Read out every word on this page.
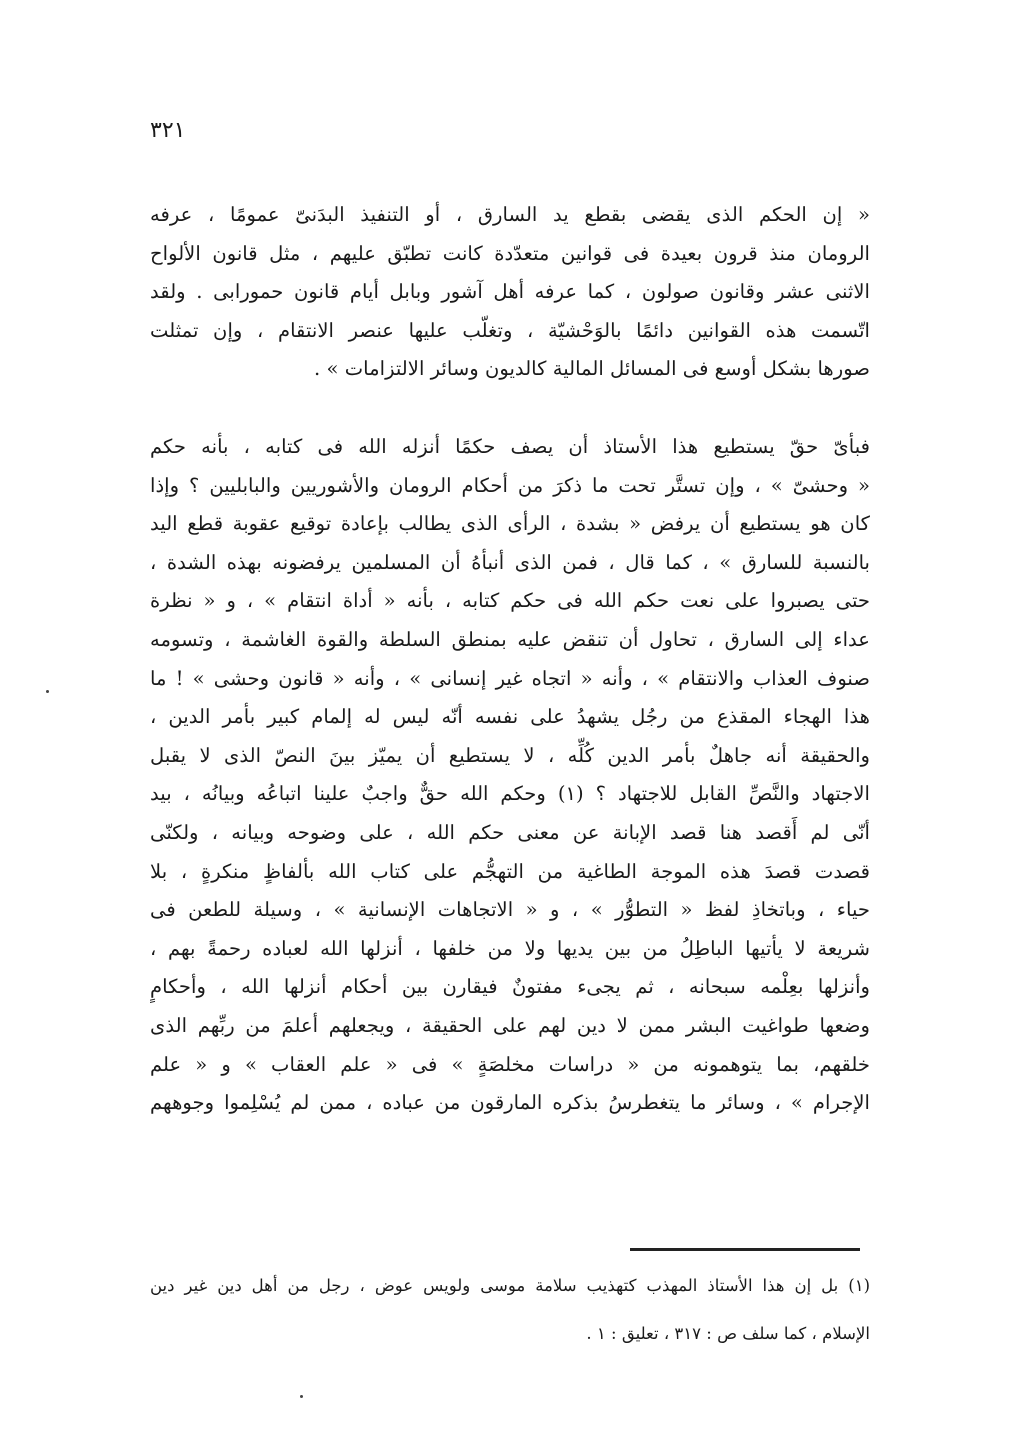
٣٢١
« إن الحكم الذى يقضى بقطع يد السارق ، أو التنفيذ البدَنىّ عمومًا ، عرفه
الرومان منذ قرون بعيدة فى قوانين متعدّدة كانت تطبّق عليهم ، مثل قانون الألواح
الاثنى عشر وقانون صولون ، كما عرفه أهل آشور وبابل أيام قانون حمورابى . ولقد
اتّسمت هذه القوانين دائمًا بالوَحْشيّة ، وتغلّب عليها عنصر الانتقام ، وإن تمثلت
صورها بشكل أوسع فى المسائل المالية كالديون وسائر الالتزامات » .
فبأىّ حقّ يستطيع هذا الأستاذ أن يصف حكمًا أنزله الله فى كتابه ، بأنه حكم
« وحشىّ » ، وإن تستَّر تحت ما ذكرَ من أحكام الرومان والأشوريين والبابليين ؟ وإذا
كان هو يستطيع أن يرفض « بشدة ، الرأى الذى يطالب بإعادة توقيع عقوبة قطع اليد
بالنسبة للسارق » ، كما قال ، فمن الذى أنبأهُ أن المسلمين يرفضونه بهذه الشدة ،
حتى يصبروا على نعت حكم الله فى حكم كتابه ، بأنه « أداة انتقام » ، و « نظرة
عداء إلى السارق ، تحاول أن تنقض عليه بمنطق السلطة والقوة الغاشمة ، وتسومه
صنوف العذاب والانتقام » ، وأنه « اتجاه غير إنسانى » ، وأنه « قانون وحشى » ! ما
هذا الهجاء المقذع من رجُل يشهدُ على نفسه أنّه ليس له إلمام كبير بأمر الدين ،
والحقيقة أنه جاهلٌ بأمر الدين كُلِّه ، لا يستطيع أن يميّز بينَ النصّ الذى لا يقبل
الاجتهاد والنَّصِّ القابل للاجتهاد ؟ (١) وحكم الله حقٌّ واجبٌ علينا اتباعُه وبيانُه ، بيد
أنّى لم أَقصد هنا قصد الإبانة عن معنى حكم الله ، على وضوحه وبيانه ، ولكنّى
قصدت قصدَ هذه الموجة الطاغية من التهجُّم على كتاب الله بألفاظٍ منكرةٍ ، بلا
حياء ، وباتخاذِ لفظ « التطوُّر » ، و « الاتجاهات الإنسانية » ، وسيلة للطعن فى
شريعة لا يأتيها الباطِلُ من بين يديها ولا من خلفها ، أنزلها الله لعباده رحمةً بهم ،
وأنزلها بعِلْمه سبحانه ، ثم يجىء مفتونٌ فيقارن بين أحكام أنزلها الله ، وأحكامٍ
وضعها طواغيت البشر ممن لا دين لهم على الحقيقة ، ويجعلهم أعلمَ من ربِّهم الذى
خلقهم، بما يتوهمونه من « دراسات مخلصَةٍ » فى « علم العقاب » و « علم
الإجرام » ، وسائر ما يتغطرسُ بذكره المارقون من عباده ، ممن لم يُسْلِموا وجوههم
(١) بل إن هذا الأستاذ المهذب كتهذيب سلامة موسى ولويس عوض ، رجل من أهل دين غير دين
الإسلام ، كما سلف ص : ٣١٧ ، تعليق : ١ .
